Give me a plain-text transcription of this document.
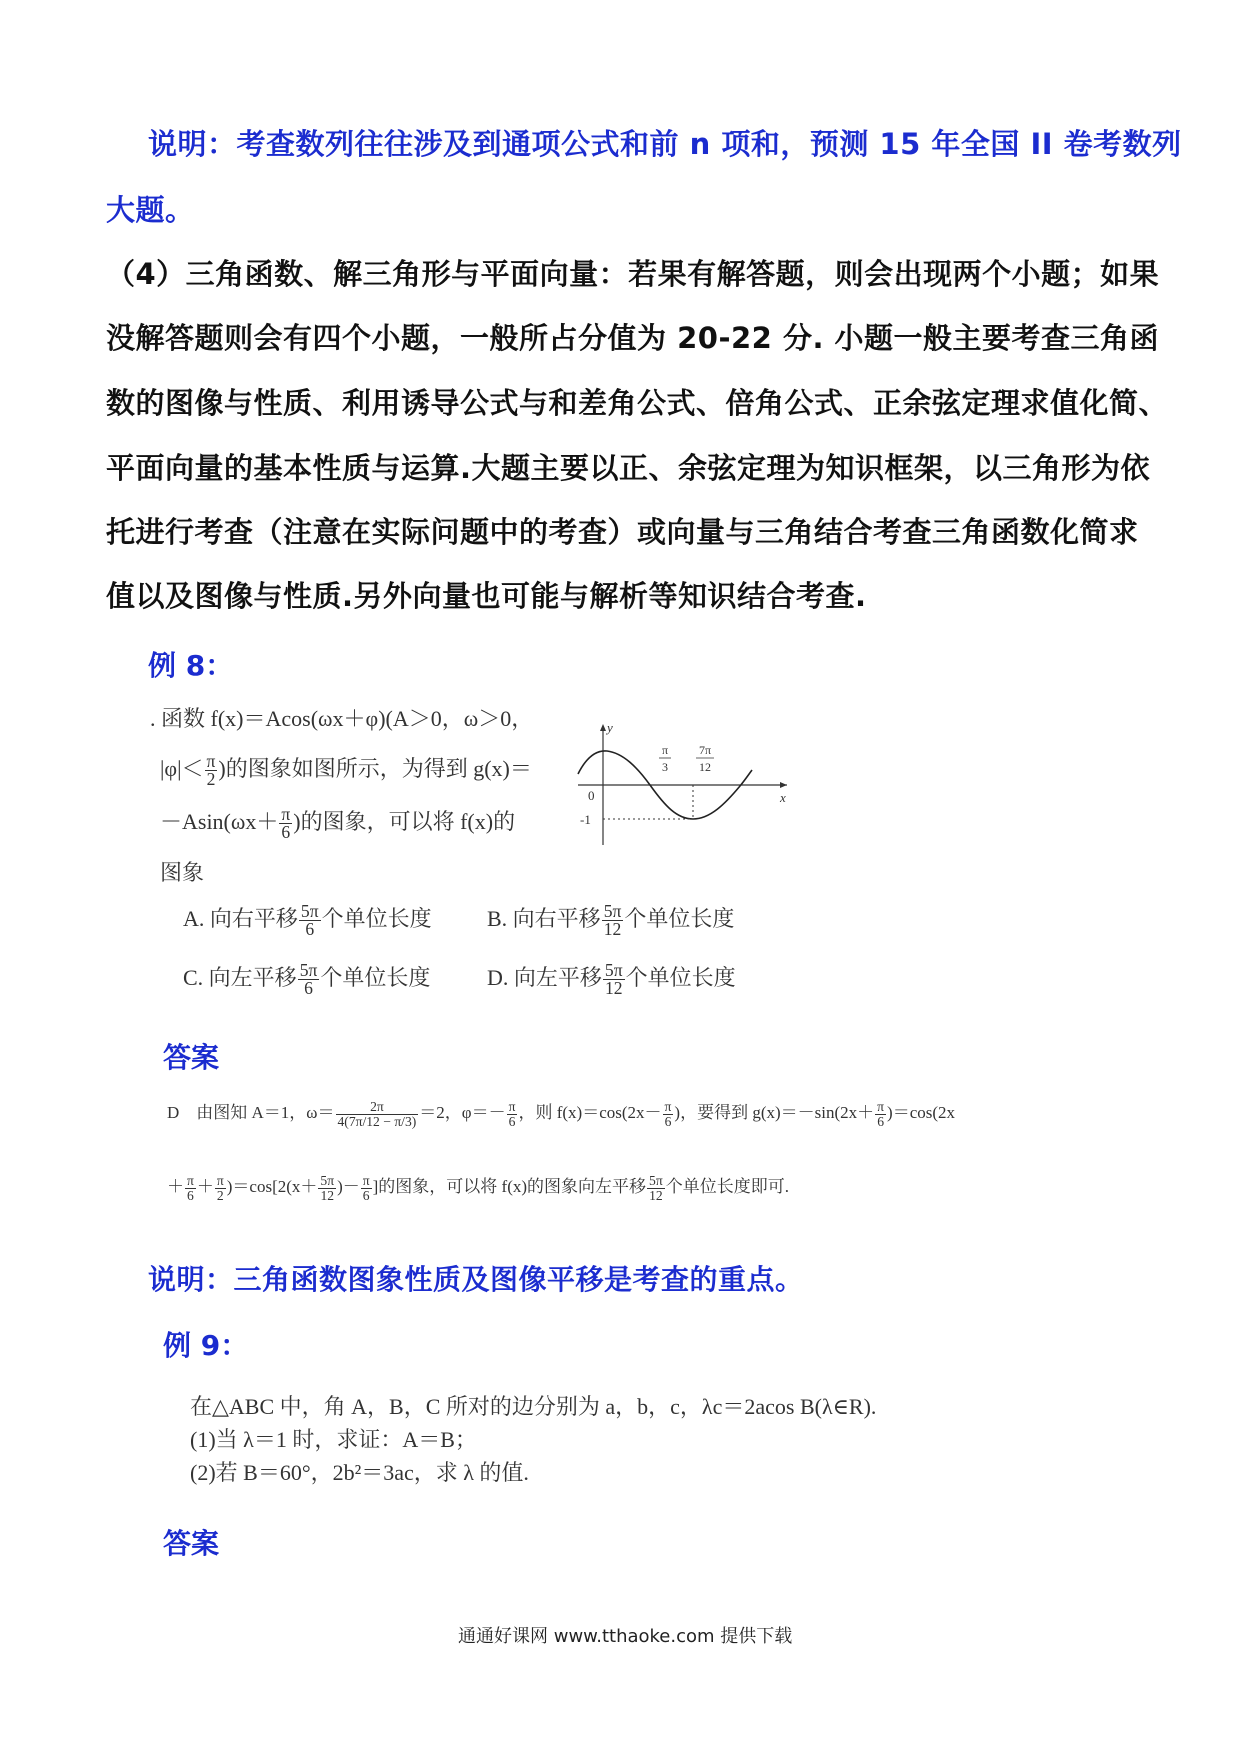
说明：考查数列往往涉及到通项公式和前 n 项和，预测 15 年全国 II 卷考数列
大题。
（4）三角函数、解三角形与平面向量：若果有解答题，则会出现两个小题；如果
没解答题则会有四个小题，一般所占分值为 20-22 分. 小题一般主要考查三角函
数的图像与性质、利用诱导公式与和差角公式、倍角公式、正余弦定理求值化简、
平面向量的基本性质与运算.大题主要以正、余弦定理为知识框架，以三角形为依
托进行考查（注意在实际问题中的考查）或向量与三角结合考查三角函数化简求
值以及图像与性质.另外向量也可能与解析等知识结合考查.
例 8：
. 函数 f(x)＝Acos(ωx＋φ)(A＞0，ω＞0，
$|\varphi|< \frac{\pi}{2}$ )的图象如图所示，为得到 g(x)＝
$-Asin(\omega x+ \frac{\pi}{6}$ )的图象，可以将 f(x)的
图象
y
x
0
-1
π
3
7π
12
A. 向右平移 $\frac{5\pi}{6}$ 个单位长度	B. 向右平移 $\frac{5\pi}{12}$ 个单位长度
C. 向左平移 $\frac{5\pi}{6}$ 个单位长度	D. 向左平移 $\frac{5\pi}{12}$ 个单位长度
答案
D　由图知 A＝1，$\omega= \frac{2\pi}{4(7\pi/12 - \pi/3)} =2$，$\varphi=- \frac{\pi}{6}$ ，则 $f(x)=\cos(2x- \frac{\pi}{6}$ )，要得到 $g(x)=-\sin(2x+ \frac{\pi}{6} )=\cos(2x$
＋ $\frac{\pi}{6} + \frac{\pi}{2} )=\cos[2(x+ \frac{5\pi}{12}$ )－ $\frac{\pi}{6}$ ]的图象，可以将 f(x)的图象向左平移 $\frac{5\pi}{12}$ 个单位长度即可.
说明：三角函数图象性质及图像平移是考查的重点。
例 9：
在△ABC 中，角 A，B，C 所对的边分别为 a，b，c，λc＝2acos B(λ∈R).
(1)当 λ＝1 时，求证：A＝B；
(2)若 B＝60°，2b²＝3ac，求 λ 的值.
答案
通通好课网 www.tthaoke.com 提供下载
